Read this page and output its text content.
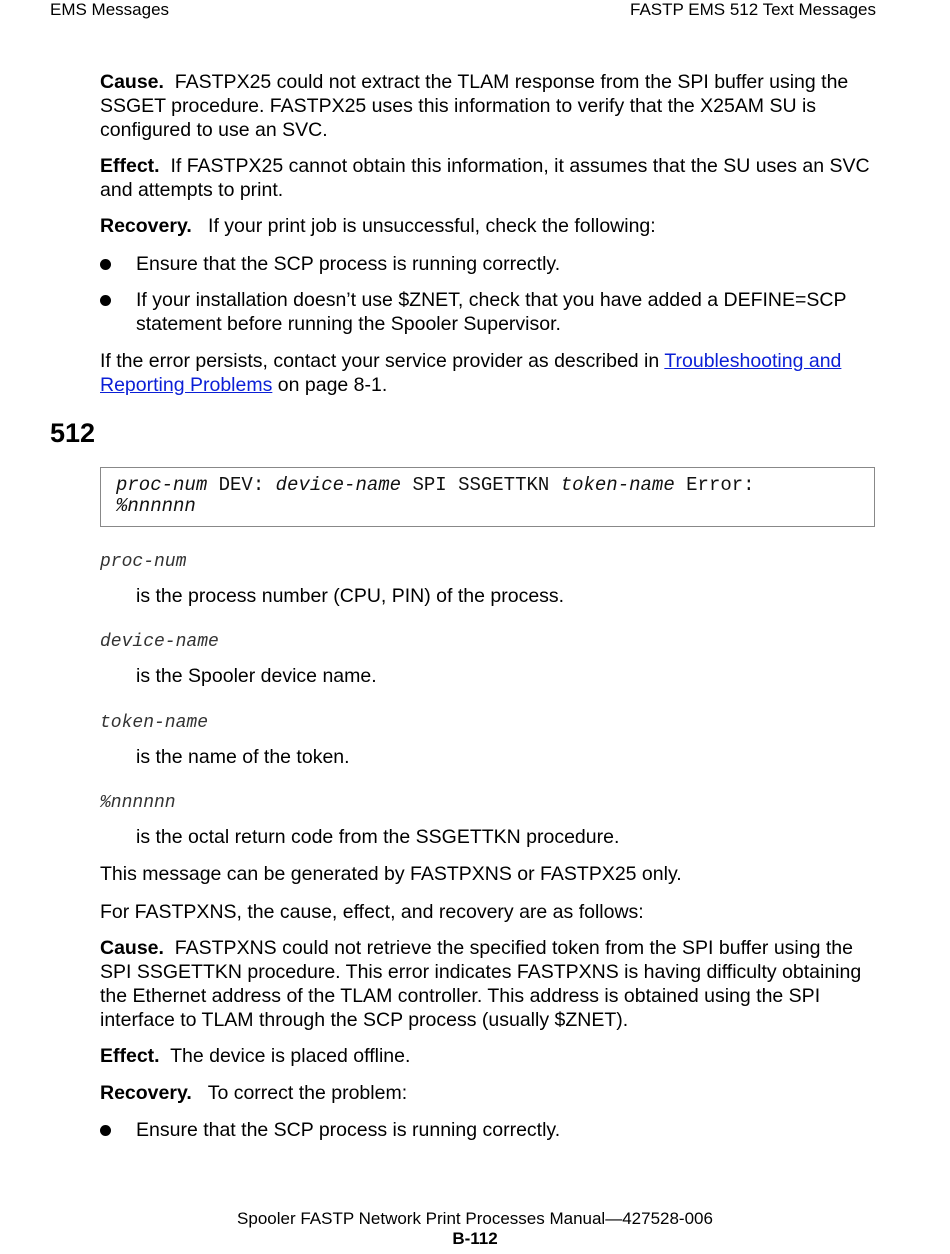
EMS Messages	FASTP EMS 512 Text Messages

Cause. FASTPX25 could not extract the TLAM response from the SPI buffer using the SSGET procedure. FASTPX25 uses this information to verify that the X25AM SU is configured to use an SVC.

Effect. If FASTPX25 cannot obtain this information, it assumes that the SU uses an SVC and attempts to print.

Recovery. If your print job is unsuccessful, check the following:

Ensure that the SCP process is running correctly.
If your installation doesn’t use $ZNET, check that you have added a DEFINE=SCP statement before running the Spooler Supervisor.

If the error persists, contact your service provider as described in Troubleshooting and Reporting Problems on page 8-1.

512
proc-num DEV: device-name SPI SSGETTKN token-name Error:
%nnnnnn
proc-num
is the process number (CPU, PIN) of the process.
device-name
is the Spooler device name.
token-name
is the name of the token.
%nnnnnn
is the octal return code from the SSGETTKN procedure.

This message can be generated by FASTPXNS or FASTPX25 only.

For FASTPXNS, the cause, effect, and recovery are as follows:

Cause. FASTPXNS could not retrieve the specified token from the SPI buffer using the SPI SSGETTKN procedure. This error indicates FASTPXNS is having difficulty obtaining the Ethernet address of the TLAM controller. This address is obtained using the SPI interface to TLAM through the SCP process (usually $ZNET).

Effect. The device is placed offline.

Recovery. To correct the problem:

Ensure that the SCP process is running correctly.
Spooler FASTP Network Print Processes Manual—427528-006
B-112
